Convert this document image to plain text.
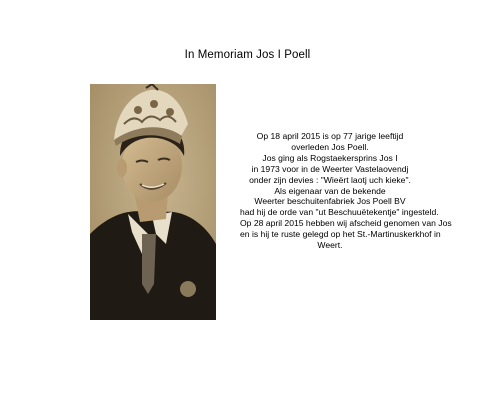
In Memoriam Jos I Poell
Op 18 april 2015 is op 77 jarige leeftijd
overleden Jos Poell.
Jos ging als Rogstaekersprins Jos I
in 1973 voor in de Weerter Vastelaovendj
onder zijn devies : "Wieërt laotj uch kieke".
Als eigenaar van de bekende
Weerter beschuitenfabriek Jos Poell BV
had hij de orde van "ut Beschuuëtekentje" ingesteld.
Op 28 april 2015 hebben wij afscheid genomen van Jos
en is hij te ruste gelegd op het St.-Martinuskerkhof in
Weert.
